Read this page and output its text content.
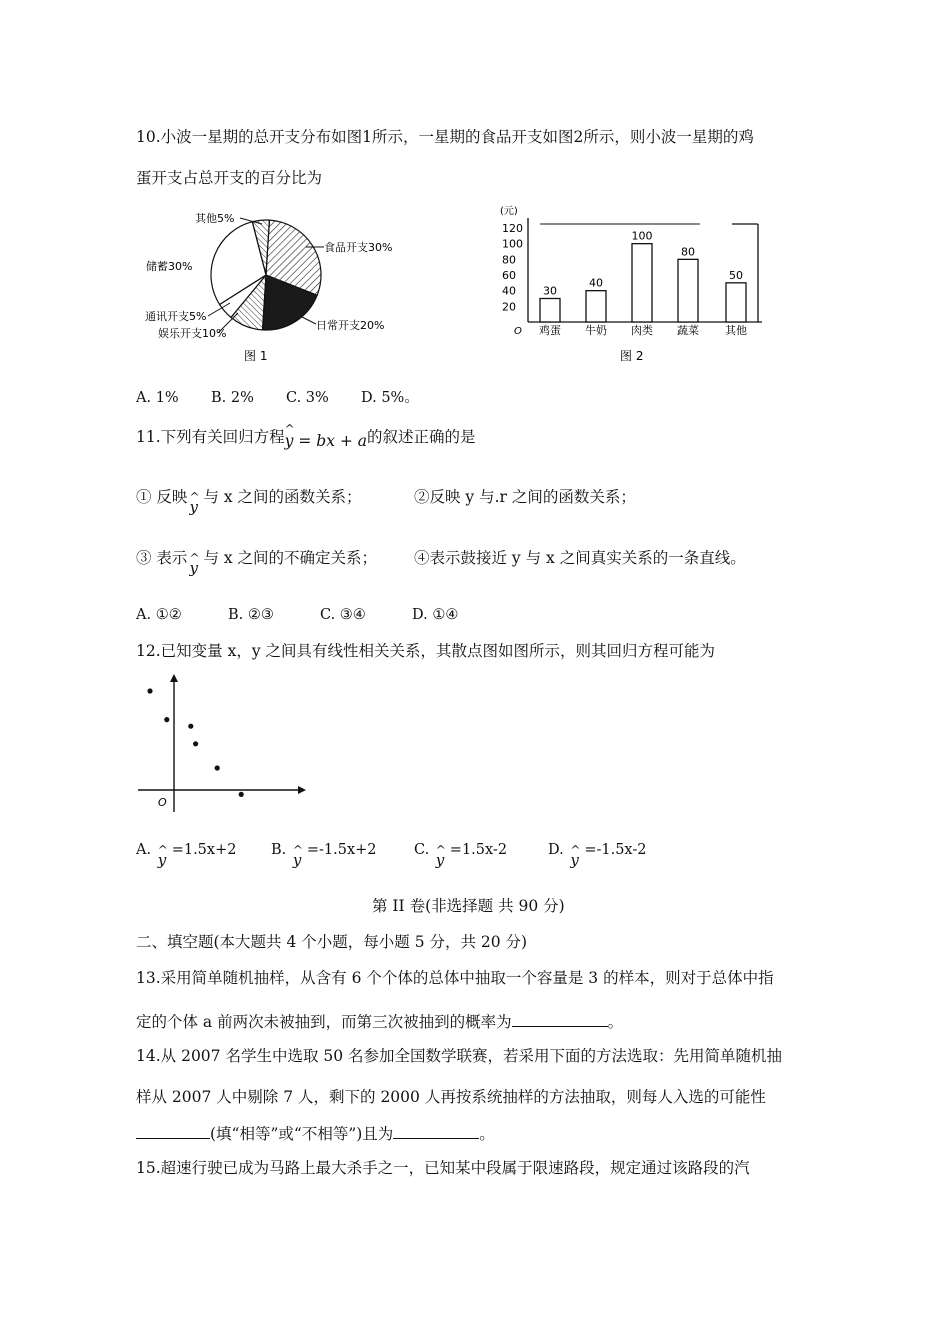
10.小波一星期的总开支分布如图1所示，一星期的食品开支如图2所示，则小波一星期的鸡
蛋开支占总开支的百分比为
其他5%
食品开支30%
储蓄30%
通讯开支5%
娱乐开支10%
日常开支20%
图 1
(元)
120
100
80
60
40
20
O
30
鸡蛋
40
牛奶
100
肉类
80
蔬菜
50
其他
图 2
A. 1% B. 2% C. 3% D. 5%。
11.下列有关回归方程^ y = bx + a的叙述正确的是
① 反映
^ y
与 x 之间的函数关系；	②反映 y 与.r 之间的函数关系；
③ 表示
^ y
与 x 之间的不确定关系； ④表示鼓接近 y 与 x 之间真实关系的一条直线。
A. ①②	B. ②③	C. ③④	D. ①④
12.已知变量 x，y 之间具有线性相关关系，其散点图如图所示，则其回归方程可能为
O
A.
^ y
=1.5x+2 B.
^ y
=-1.5x+2	C.
^ y
=1.5x-2	D.
^ y
=-1.5x-2
第 II 卷(非选择题 共 90 分)
二、填空题(本大题共 4 个小题，每小题 5 分，共 20 分)
13.采用简单随机抽样，从含有 6 个个体的总体中抽取一个容量是 3 的样本，则对于总体中指
定的个体 a 前两次未被抽到，而第三次被抽到的概率为	。
14.从 2007 名学生中选取 50 名参加全国数学联赛，若采用下面的方法选取：先用简单随机抽
样从 2007 人中剔除 7 人，剩下的 2000 人再按系统抽样的方法抽取，则每人入选的可能性
(填“相等”或“不相等”)且为	。
15.超速行驶已成为马路上最大杀手之一，已知某中段属于限速路段，规定通过该路段的汽
